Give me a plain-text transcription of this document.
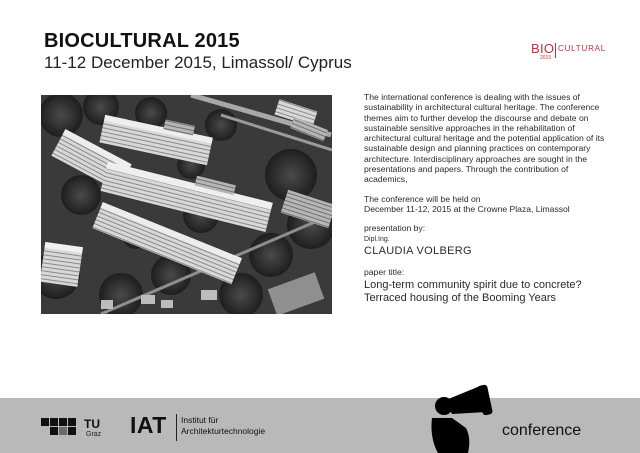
BIOCULTURAL 2015
11-12 December 2015, Limassol/ Cyprus
BIO CULTURAL
2015

The international conference is dealing with the issues of sustainability in architectural cultural heritage. The conference themes aim to further develop the discourse and debate on sustainable sensitive approaches in the rehabilitation of architectural cultural heritage and the potential application of its sustainable design and planning practices on contemporary architecture. Interdisciplinary approaches are sought in the presentations and papers. Through the contribution of academics,

The conference will be held on

December 11-12, 2015 at the Crowne Plaza, Limassol

presentation by:

Dipl.Ing.

CLAUDIA VOLBERG

paper title:

Long-term community spirit due to concrete?

Terraced housing of the Booming Years

TU
Graz IAT Institut für
Architekturtechnologie	conference
